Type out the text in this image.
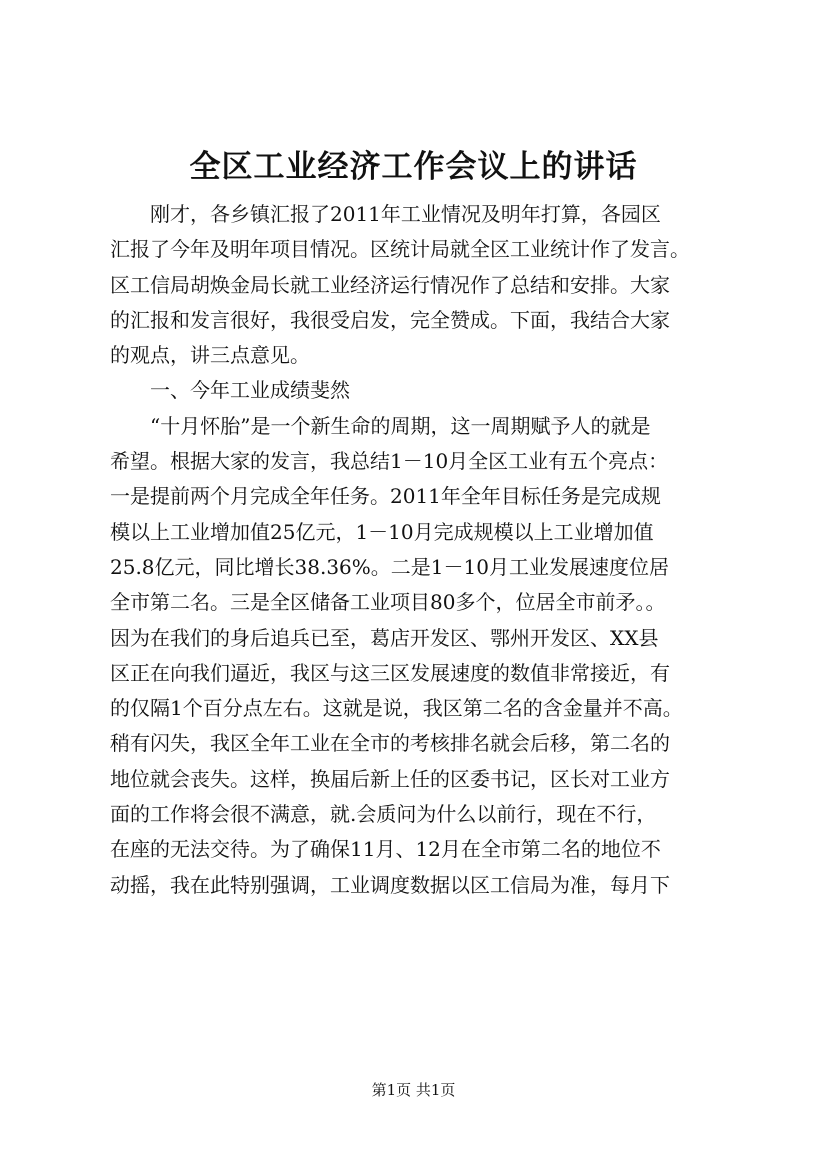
全区工业经济工作会议上的讲话
刚才，各乡镇汇报了2011年工业情况及明年打算，各园区
汇报了今年及明年项目情况。区统计局就全区工业统计作了发言。
区工信局胡焕金局长就工业经济运行情况作了总结和安排。大家
的汇报和发言很好，我很受启发，完全赞成。下面，我结合大家
的观点，讲三点意见。
一、今年工业成绩斐然
“十月怀胎”是一个新生命的周期，这一周期赋予人的就是
希望。根据大家的发言，我总结1－10月全区工业有五个亮点：
一是提前两个月完成全年任务。2011年全年目标任务是完成规
模以上工业增加值25亿元，1－10月完成规模以上工业增加值
25.8亿元，同比增长38.36%。二是1－10月工业发展速度位居
全市第二名。三是全区储备工业项目80多个，位居全市前矛。。
因为在我们的身后追兵已至，葛店开发区、鄂州开发区、XX县
区正在向我们逼近，我区与这三区发展速度的数值非常接近，有
的仅隔1个百分点左右。这就是说，我区第二名的含金量并不高。
稍有闪失，我区全年工业在全市的考核排名就会后移，第二名的
地位就会丧失。这样，换届后新上任的区委书记，区长对工业方
面的工作将会很不满意，就.会质问为什么以前行，现在不行，
在座的无法交待。为了确保11月、12月在全市第二名的地位不
动摇，我在此特别强调，工业调度数据以区工信局为准，每月下
第1页 共1页
